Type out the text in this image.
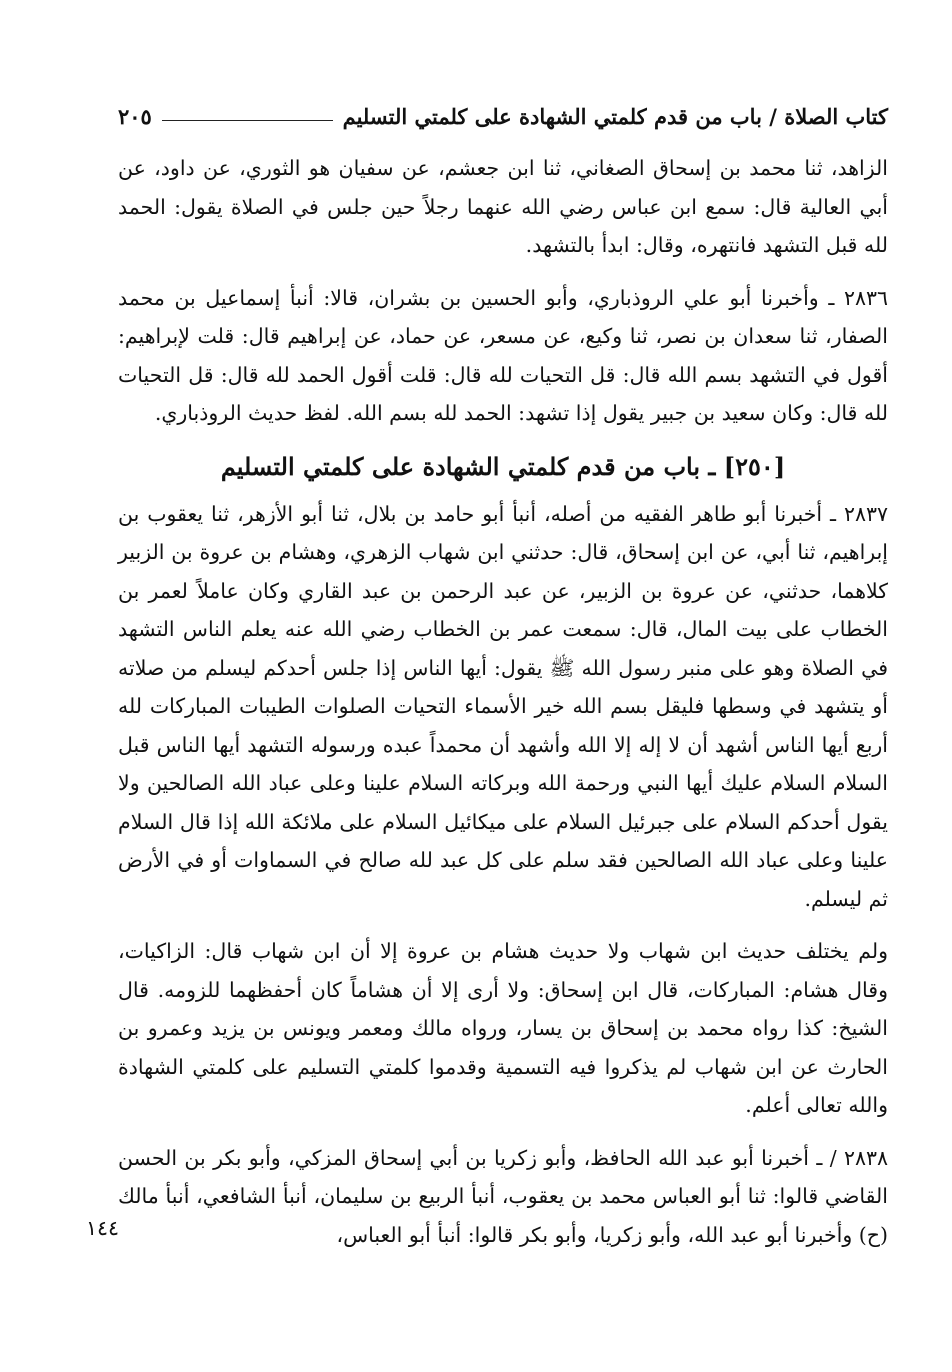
كتاب الصلاة / باب من قدم كلمتي الشهادة على كلمتي التسليم
٢٠٥

الزاهد، ثنا محمد بن إسحاق الصغاني، ثنا ابن جعشم، عن سفيان هو الثوري، عن داود، عن أبي العالية قال: سمع ابن عباس رضي الله عنهما رجلاً حين جلس في الصلاة يقول: الحمد لله قبل التشهد فانتهره، وقال: ابدأ بالتشهد.

٢٨٣٦ ـ وأخبرنا أبو علي الروذباري، وأبو الحسين بن بشران، قالا: أنبأ إسماعيل بن محمد الصفار، ثنا سعدان بن نصر، ثنا وكيع، عن مسعر، عن حماد، عن إبراهيم قال: قلت لإبراهيم: أقول في التشهد بسم الله قال: قل التحيات لله قال: قلت أقول الحمد لله قال: قل التحيات لله قال: وكان سعيد بن جبير يقول إذا تشهد: الحمد لله بسم الله. لفظ حديث الروذباري.

[٢٥٠] ـ باب من قدم كلمتي الشهادة على كلمتي التسليم

٢٨٣٧ ـ أخبرنا أبو طاهر الفقيه من أصله، أنبأ أبو حامد بن بلال، ثنا أبو الأزهر، ثنا يعقوب بن إبراهيم، ثنا أبي، عن ابن إسحاق، قال: حدثني ابن شهاب الزهري، وهشام بن عروة بن الزبير كلاهما، حدثني، عن عروة بن الزبير، عن عبد الرحمن بن عبد القاري وكان عاملاً لعمر بن الخطاب على بيت المال، قال: سمعت عمر بن الخطاب رضي الله عنه يعلم الناس التشهد في الصلاة وهو على منبر رسول الله ﷺ يقول: أيها الناس إذا جلس أحدكم ليسلم من صلاته أو يتشهد في وسطها فليقل بسم الله خير الأسماء التحيات الصلوات الطيبات المباركات لله أربع أيها الناس أشهد أن لا إله إلا الله وأشهد أن محمداً عبده ورسوله التشهد أيها الناس قبل السلام السلام عليك أيها النبي ورحمة الله وبركاته السلام علينا وعلى عباد الله الصالحين ولا يقول أحدكم السلام على جبرئيل السلام على ميكائيل السلام على ملائكة الله إذا قال السلام علينا وعلى عباد الله الصالحين فقد سلم على كل عبد لله صالح في السماوات أو في الأرض ثم ليسلم.

ولم يختلف حديث ابن شهاب ولا حديث هشام بن عروة إلا أن ابن شهاب قال: الزاكيات، وقال هشام: المباركات، قال ابن إسحاق: ولا أرى إلا أن هشاماً كان أحفظهما للزومه. قال الشيخ: كذا رواه محمد بن إسحاق بن يسار، ورواه مالك ومعمر ويونس بن يزيد وعمرو بن الحارث عن ابن شهاب لم يذكروا فيه التسمية وقدموا كلمتي التسليم على كلمتي الشهادة والله تعالى أعلم.

٢٨٣٨ / ـ أخبرنا أبو عبد الله الحافظ، وأبو زكريا بن أبي إسحاق المزكي، وأبو بكر بن الحسن القاضي قالوا: ثنا أبو العباس محمد بن يعقوب، أنبأ الربيع بن سليمان، أنبأ الشافعي، أنبأ مالك (ح) وأخبرنا أبو عبد الله، وأبو زكريا، وأبو بكر قالوا: أنبأ أبو العباس،

١٤٤
